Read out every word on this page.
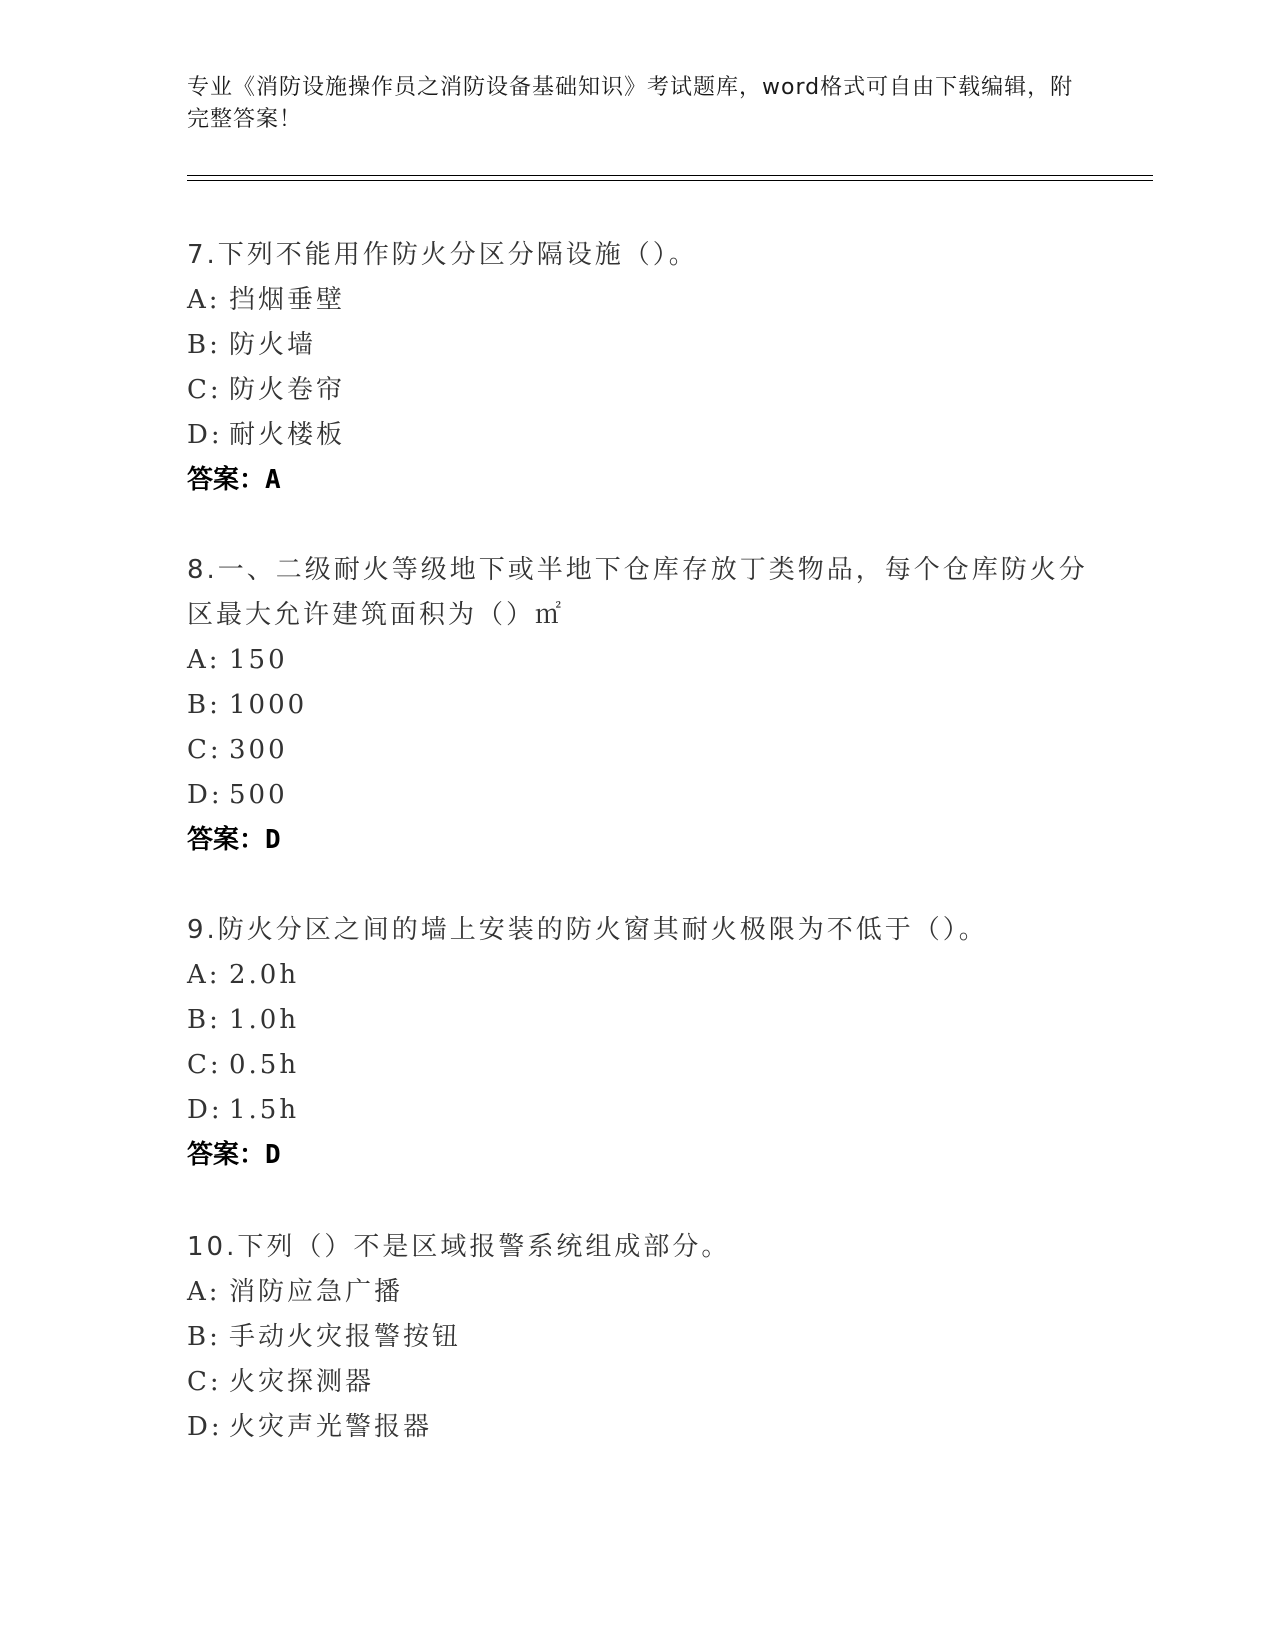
专业《消防设施操作员之消防设备基础知识》考试题库，word格式可自由下载编辑，附完整答案！

7.下列不能用作防火分区分隔设施（）。

A: 挡烟垂壁

B: 防火墙

C: 防火卷帘

D: 耐火楼板

答案：A

8.一、二级耐火等级地下或半地下仓库存放丁类物品，每个仓库防火分区最大允许建筑面积为（）㎡

A: 150

B: 1000

C: 300

D: 500

答案：D

9.防火分区之间的墙上安装的防火窗其耐火极限为不低于（）。

A: 2.0h

B: 1.0h

C: 0.5h

D: 1.5h

答案：D

10.下列（）不是区域报警系统组成部分。

A: 消防应急广播

B: 手动火灾报警按钮

C: 火灾探测器

D: 火灾声光警报器
